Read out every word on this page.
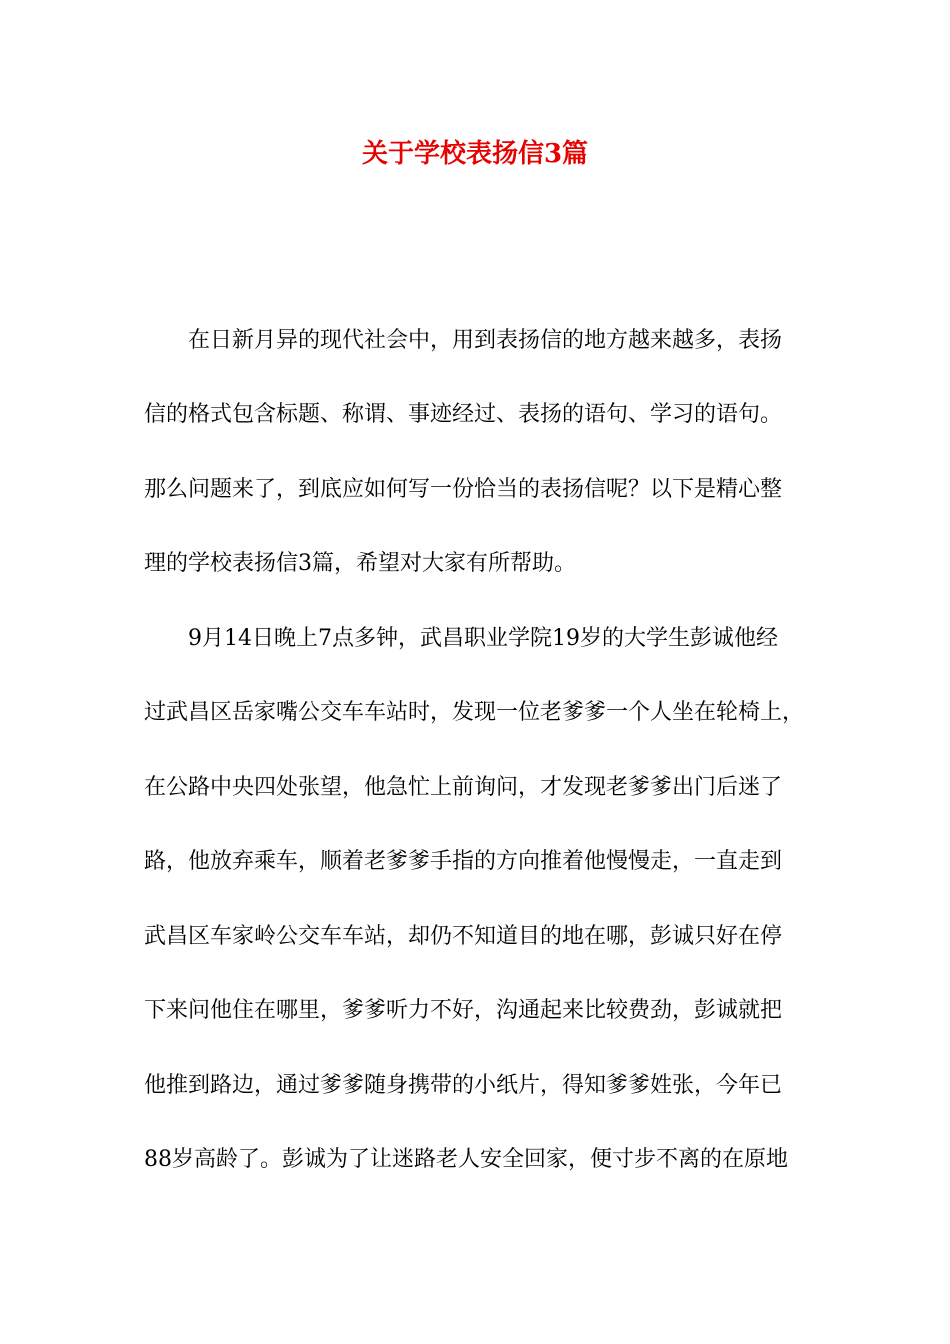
关于学校表扬信3篇
在日新月异的现代社会中，用到表扬信的地方越来越多，表扬
信的格式包含标题、称谓、事迹经过、表扬的语句、学习的语句。
那么问题来了，到底应如何写一份恰当的表扬信呢？以下是精心整
理的学校表扬信3篇，希望对大家有所帮助。
9月14日晚上7点多钟，武昌职业学院19岁的大学生彭诚他经
过武昌区岳家嘴公交车车站时，发现一位老爹爹一个人坐在轮椅上，
在公路中央四处张望，他急忙上前询问，才发现老爹爹出门后迷了
路，他放弃乘车，顺着老爹爹手指的方向推着他慢慢走，一直走到
武昌区车家岭公交车车站，却仍不知道目的地在哪，彭诚只好在停
下来问他住在哪里，爹爹听力不好，沟通起来比较费劲，彭诚就把
他推到路边，通过爹爹随身携带的小纸片，得知爹爹姓张，今年已
88岁高龄了。彭诚为了让迷路老人安全回家，便寸步不离的在原地
